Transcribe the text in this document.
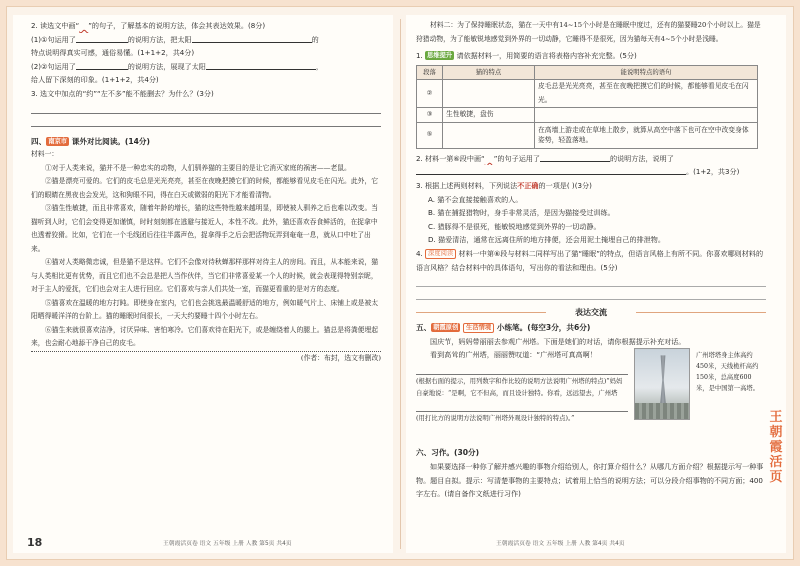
2. 读选文中画“ ”的句子，了解基本的说明方法，体会其表达效果。(8分)
(1)①句运用了	的说明方法，把太阳	的
特点说明得真实可感，通俗易懂。(1+1+2，共4分)
(2)②句运用了	的说明方法，展现了太阳	，
给人留下深刻的印象。(1+1+2，共4分)
3. 选文中加点的“约”“左不多”能不能删去？为什么？(3分)
四、 南京市 课外对比阅读。(14分)
材料一：
①对于人类来说，猫并不是一种忠实的动物，人们驯养猫的主要目的是让它消灭家庭的祸害——老鼠。
②猫是漂亮可爱的。它们的皮毛总是光光亮亮，甚至在夜晚把摸它们的时候，都能够看见皮毛在闪光。此外，它们的眼睛在黑夜也会发光，这和狗眼不同，得在白天或微弱的阳光下才能看清物。
③猫生性敏捷，而且非常喜欢，随着年龄的增长，猫的这些特性越来越明显，即使被人驯养之后也难以改变。当猫听到人时，它们会变得更加谨慎，时时刻刻都在逃避与接近人，本性不改。此外，猫还喜欢吞食鲜活的，在捉拿中也透着狡猾。比如，它们在一个毛线团后往往半露声色，捉拿得手之后会把活物玩弄到奄奄一息，就从口中吐了出来。
④猫对人类略微忠诚，但是猫不是这样。它们不会像对待秋蝉那样那样对待主人的房间。而且，从本能来说，猫与人类相比更有优势，而且它们也不会总是把人当作伙伴，当它们非常喜爱某一个人的时候，就会表现得特别亲昵，对于主人的爱抚，它们也会对主人进行回应。它们喜欢与亲人们共处一室，而猫更看重的是对方的态度。
⑤猫喜欢在温暖的地方打盹。即使身在室内，它们也会挑选最温暖舒适的地方，例如暖气片上、床铺上或是被太阳晒得暖洋洋的台阶上。猫的睡眠时间很长，一天大约要睡十四个小时左右。
⑥猫生来就很喜欢洁净，讨厌异味、害怕寒冷。它们喜欢待在阳光下，或是缠绕着人的腿上。猫总是将粪便埋起来，也会耐心地舔干净自己的皮毛。
(作者：布封，选文有删改)
18	王朝霞活页卷 语文 五年级 上册 人教 第5页 共4页
材料二：为了保持睡眠状态，猫在一天中有14~15个小时是在睡眠中度过，还有的猫要睡20个小时以上。猫是狩猎动物，为了能敏锐地感觉到外界的一切动静，它睡得不是很死，因为猫每天有4~5个小时是浅睡。
1. 思维提升 请依据材料一，用简要的语言将表格内容补充完整。(5分)
段落	猫的特点	能说明特点的语句
②		皮毛总是光光亮亮，甚至在夜晚把摸它们的时候，都能够看见皮毛在闪光。
③	生性敏捷，盘伤	
⑤		在高墙上游走或在草地上散步，就算从高空中落下也可在空中改变身体姿势，轻盈落地。
2. 材料一第⑥段中画“ ”的句子运用了	的说明方法，说明了
。(1+2，共3分)
3. 根据上述两则材料，下列说法不正确的一项是( )(3分)
A. 猫不会直接接触喜欢的人。
B. 猫在捕捉猎物时，身手非常灵活，是因为猫接受过训练。
C. 猎豚得不是很死，能敏锐地感觉到外界的一切动静。
D. 猫爱清洁，通常在远离住所的地方排便，还会用泥土掩埋自己的排泄物。
4. 深度阅读 材料一中第⑥段与材料二同样写出了猫“睡眠”的特点，但语言风格上有所不同。你喜欢哪则材料的语言风格？结合材料中的具体语句，写出你的看法和理由。(5分)
表达交流
五、 朝霞原创 生活情境 小练笔。(每空3分，共6分)
国庆节，妈妈带丽丽去参观广州塔。下面是她们的对话，请你根据提示补充对话。
看到高耸的广州塔，丽丽赞叹道：“广州塔可真高啊！
(根据右面的提示，用列数字和作比较的说明方法说明广州塔的特点)”妈妈自豪地说：“是啊，它不但高，而且设计独特。你看，远远望去，广州塔
(用打比方的说明方法说明广州塔外观设计独特的特点)。”
广州塔塔身主体高约450米，天线桅杆高约150米，总高度600米，是中国第一高塔。
六、习作。(30分)
如果要选择一种你了解并感兴趣的事物介绍给别人，你打算介绍什么？从哪几方面介绍？根据提示写一种事物。题目自拟。提示：写清楚事物的主要特点；试着用上恰当的说明方法；可以分段介绍事物的不同方面；400字左右。(请自备作文纸进行习作)
王
朝
霞
活
页
王朝霞活页卷 语文 五年级 上册 人教 第4页 共4页
